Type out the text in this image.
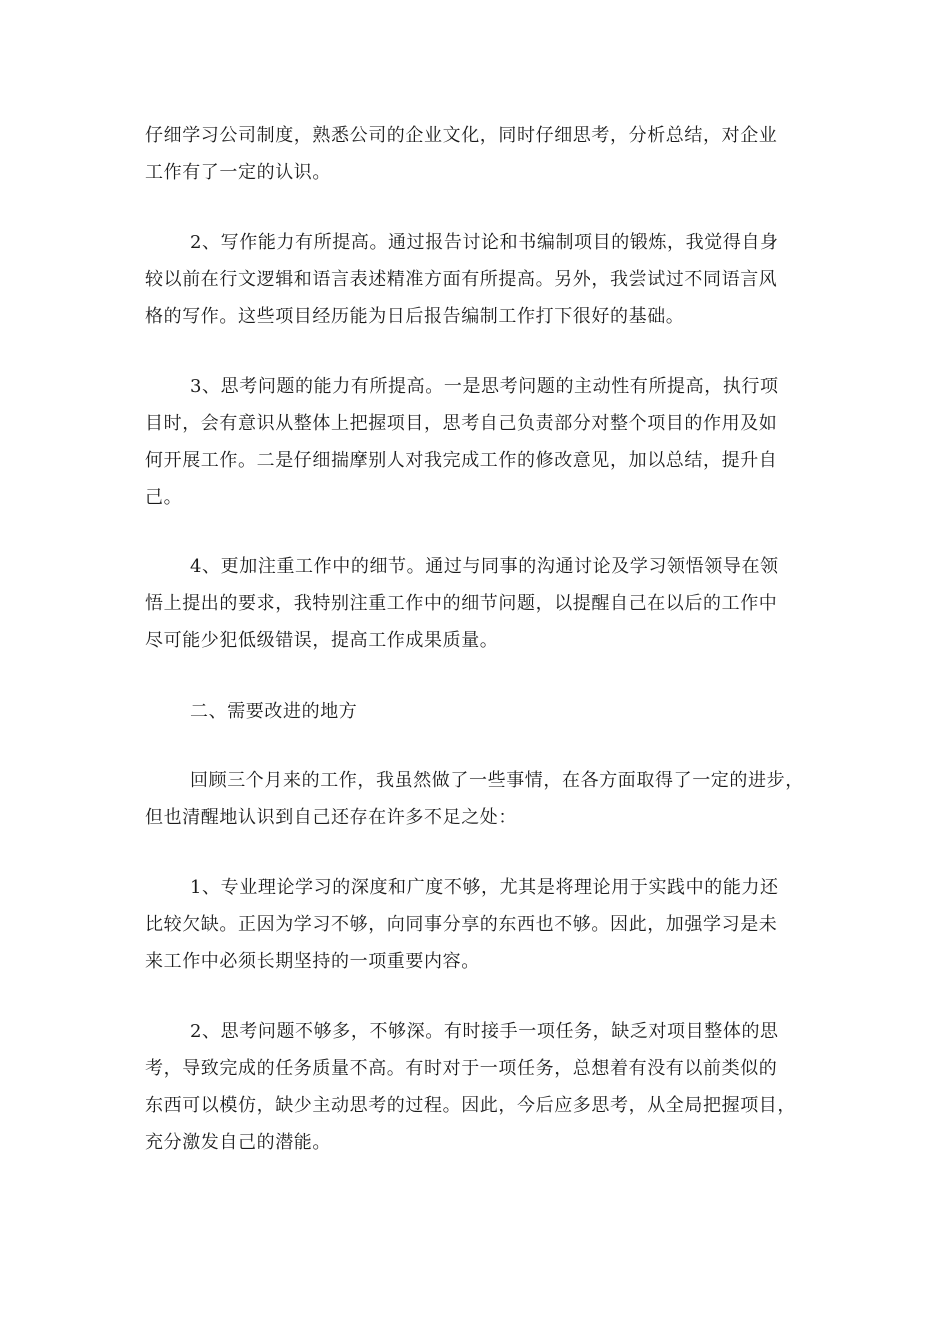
仔细学习公司制度，熟悉公司的企业文化，同时仔细思考，分析总结，对企业
工作有了一定的认识。
2、写作能力有所提高。通过报告讨论和书编制项目的锻炼，我觉得自身
较以前在行文逻辑和语言表述精准方面有所提高。另外，我尝试过不同语言风
格的写作。这些项目经历能为日后报告编制工作打下很好的基础。
3、思考问题的能力有所提高。一是思考问题的主动性有所提高，执行项
目时，会有意识从整体上把握项目，思考自己负责部分对整个项目的作用及如
何开展工作。二是仔细揣摩别人对我完成工作的修改意见，加以总结，提升自
己。
4、更加注重工作中的细节。通过与同事的沟通讨论及学习领悟领导在领
悟上提出的要求，我特别注重工作中的细节问题，以提醒自己在以后的工作中
尽可能少犯低级错误，提高工作成果质量。
二、需要改进的地方
回顾三个月来的工作，我虽然做了一些事情，在各方面取得了一定的进步，
但也清醒地认识到自己还存在许多不足之处：
1、专业理论学习的深度和广度不够，尤其是将理论用于实践中的能力还
比较欠缺。正因为学习不够，向同事分享的东西也不够。因此，加强学习是未
来工作中必须长期坚持的一项重要内容。
2、思考问题不够多，不够深。有时接手一项任务，缺乏对项目整体的思
考，导致完成的任务质量不高。有时对于一项任务，总想着有没有以前类似的
东西可以模仿，缺少主动思考的过程。因此，今后应多思考，从全局把握项目，
充分激发自己的潜能。
